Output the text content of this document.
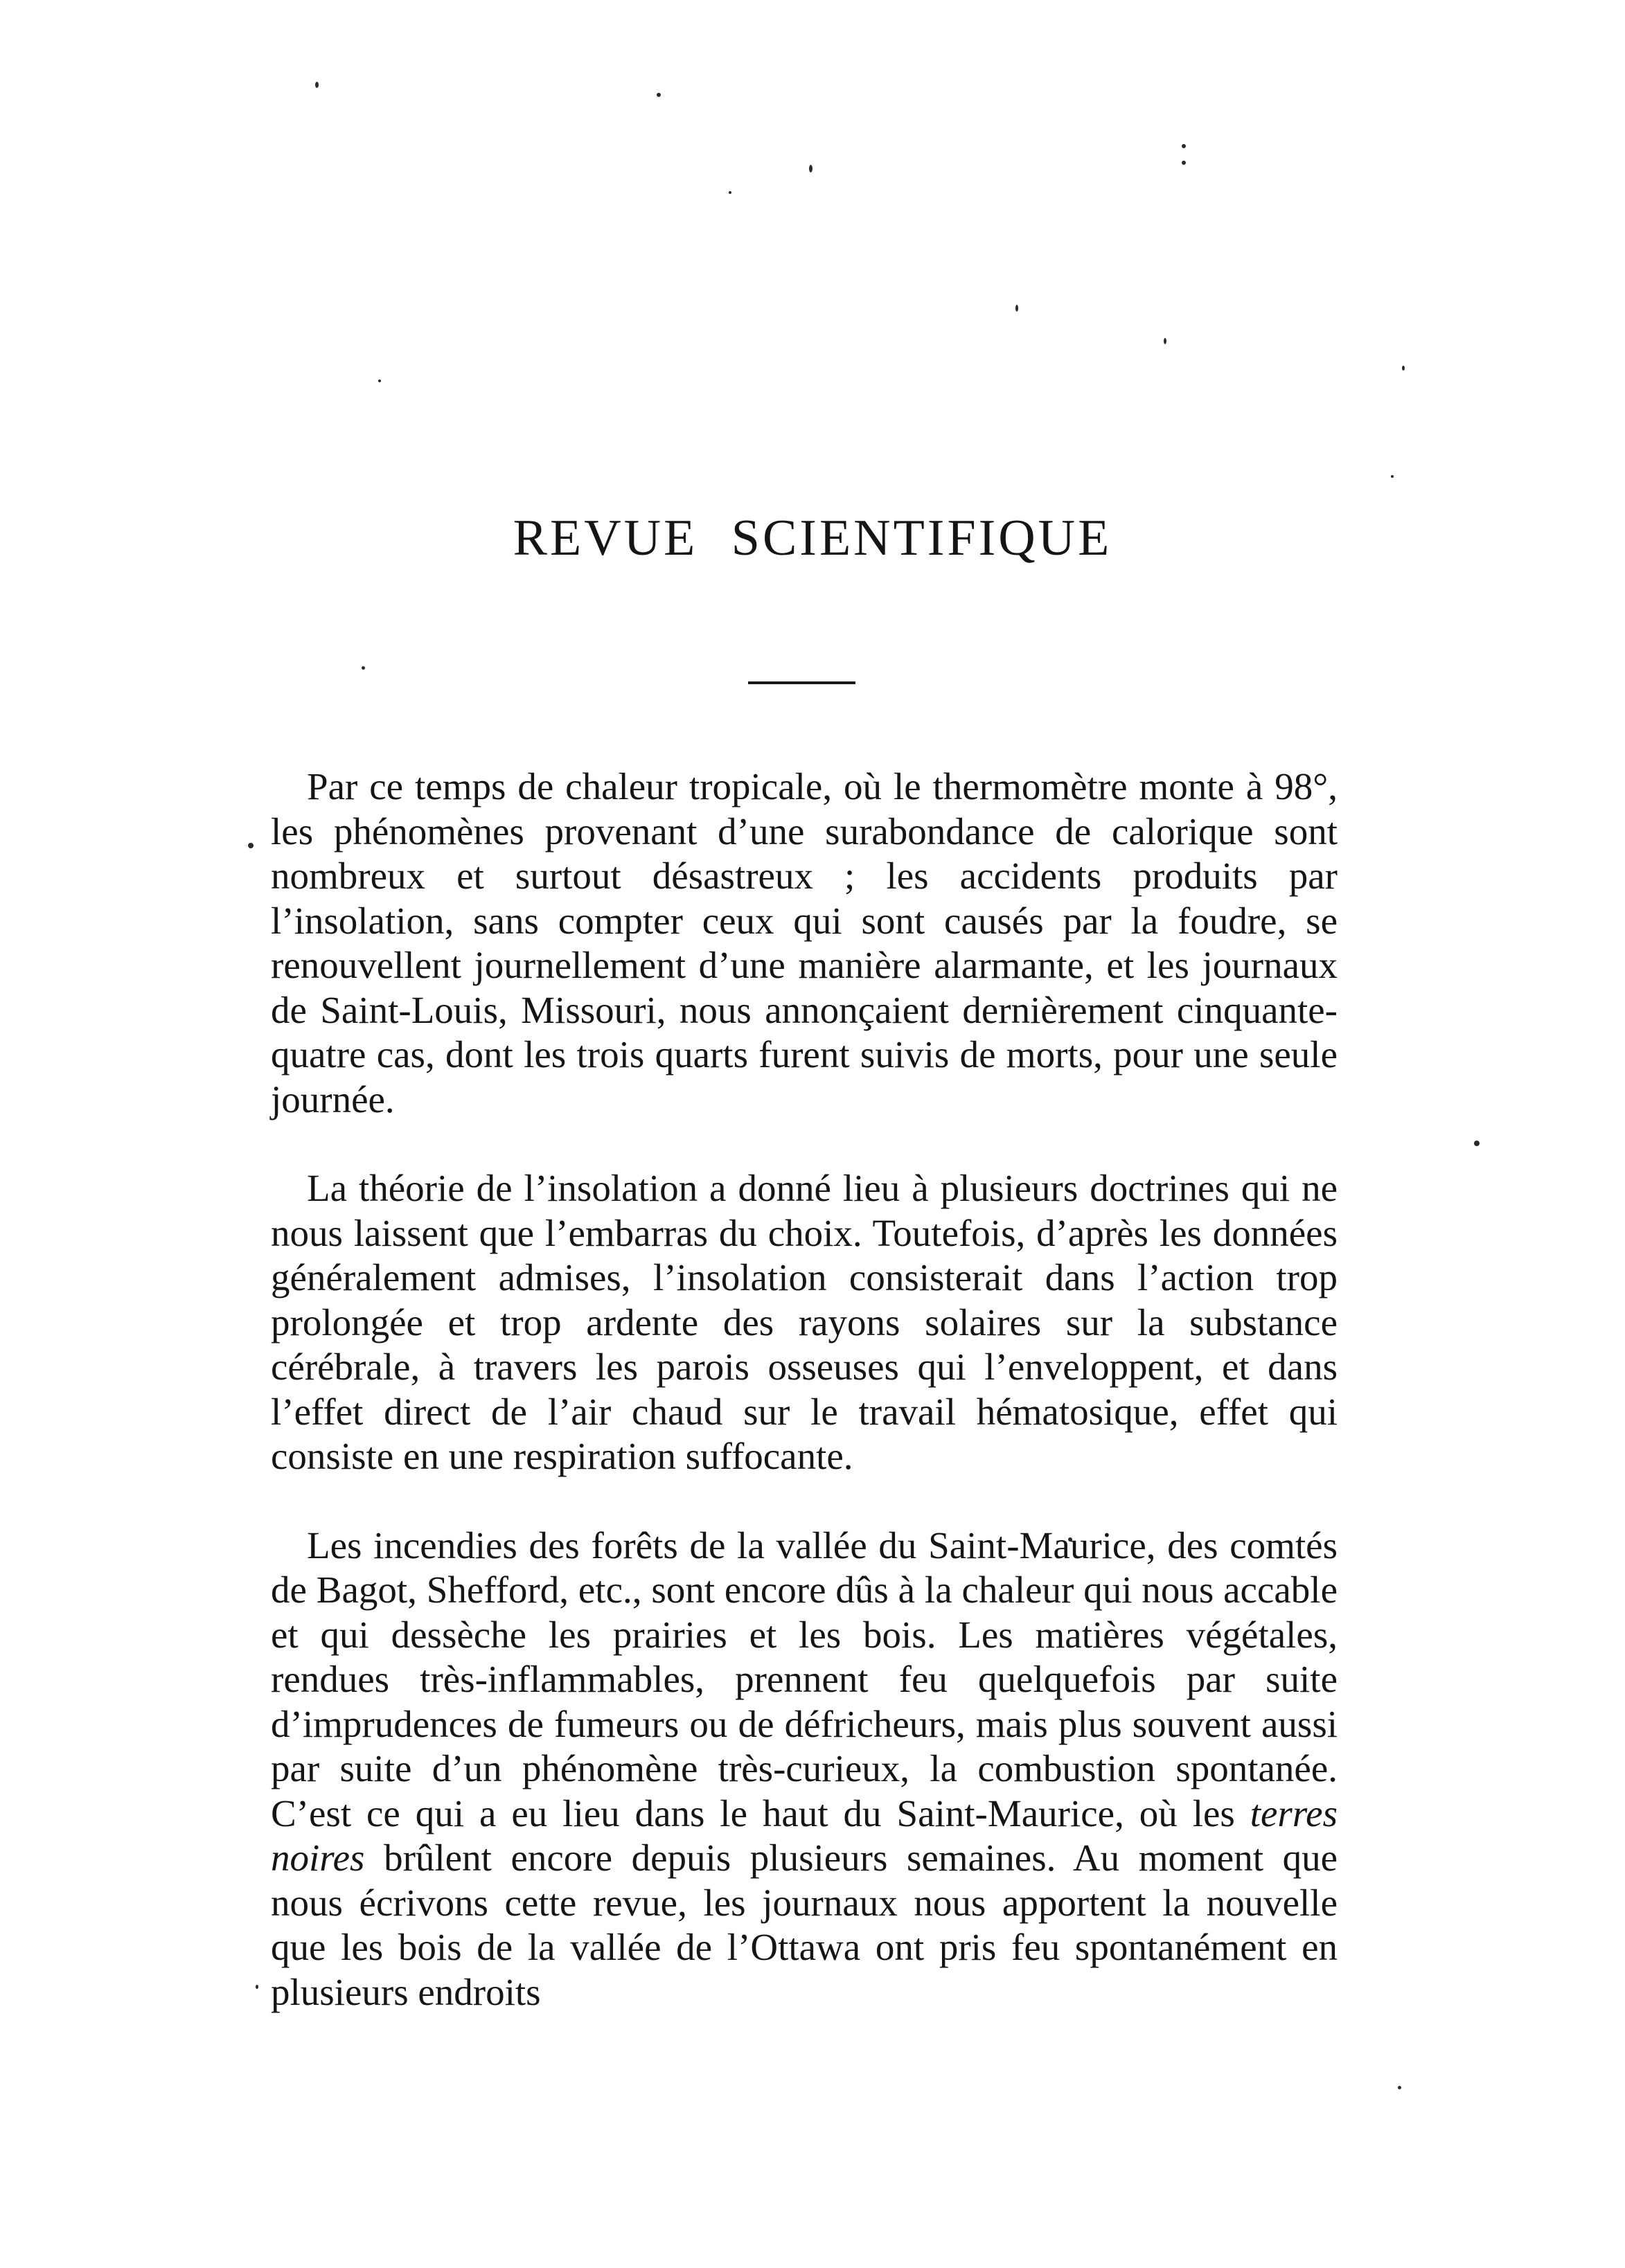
REVUE SCIENTIFIQUE

Par ce temps de chaleur tropicale, où le thermomètre monte à 98°, les phénomènes provenant d’une surabondance de calorique sont nombreux et surtout désastreux ; les accidents produits par l’insolation, sans compter ceux qui sont causés par la foudre, se renouvellent journellement d’une manière alarmante, et les journaux de Saint-Louis, Missouri, nous annonçaient dernièrement cinquante-quatre cas, dont les trois quarts furent suivis de morts, pour une seule journée.

La théorie de l’insolation a donné lieu à plusieurs doctrines qui ne nous laissent que l’embarras du choix. Toutefois, d’après les données généralement admises, l’insolation consisterait dans l’action trop prolongée et trop ardente des rayons solaires sur la substance cérébrale, à travers les parois osseuses qui l’enveloppent, et dans l’effet direct de l’air chaud sur le travail hématosique, effet qui consiste en une respiration suffocante.

Les incendies des forêts de la vallée du Saint-Maurice, des comtés de Bagot, Shefford, etc., sont encore dûs à la chaleur qui nous accable et qui dessèche les prairies et les bois. Les matières végétales, rendues très-inflammables, prennent feu quelquefois par suite d’imprudences de fumeurs ou de défricheurs, mais plus souvent aussi par suite d’un phénomène très-curieux, la combustion spontanée. C’est ce qui a eu lieu dans le haut du Saint-Maurice, où les terres noires brûlent encore depuis plusieurs semaines. Au moment que nous écrivons cette revue, les journaux nous apportent la nouvelle que les bois de la vallée de l’Ottawa ont pris feu spontanément en plusieurs endroits
